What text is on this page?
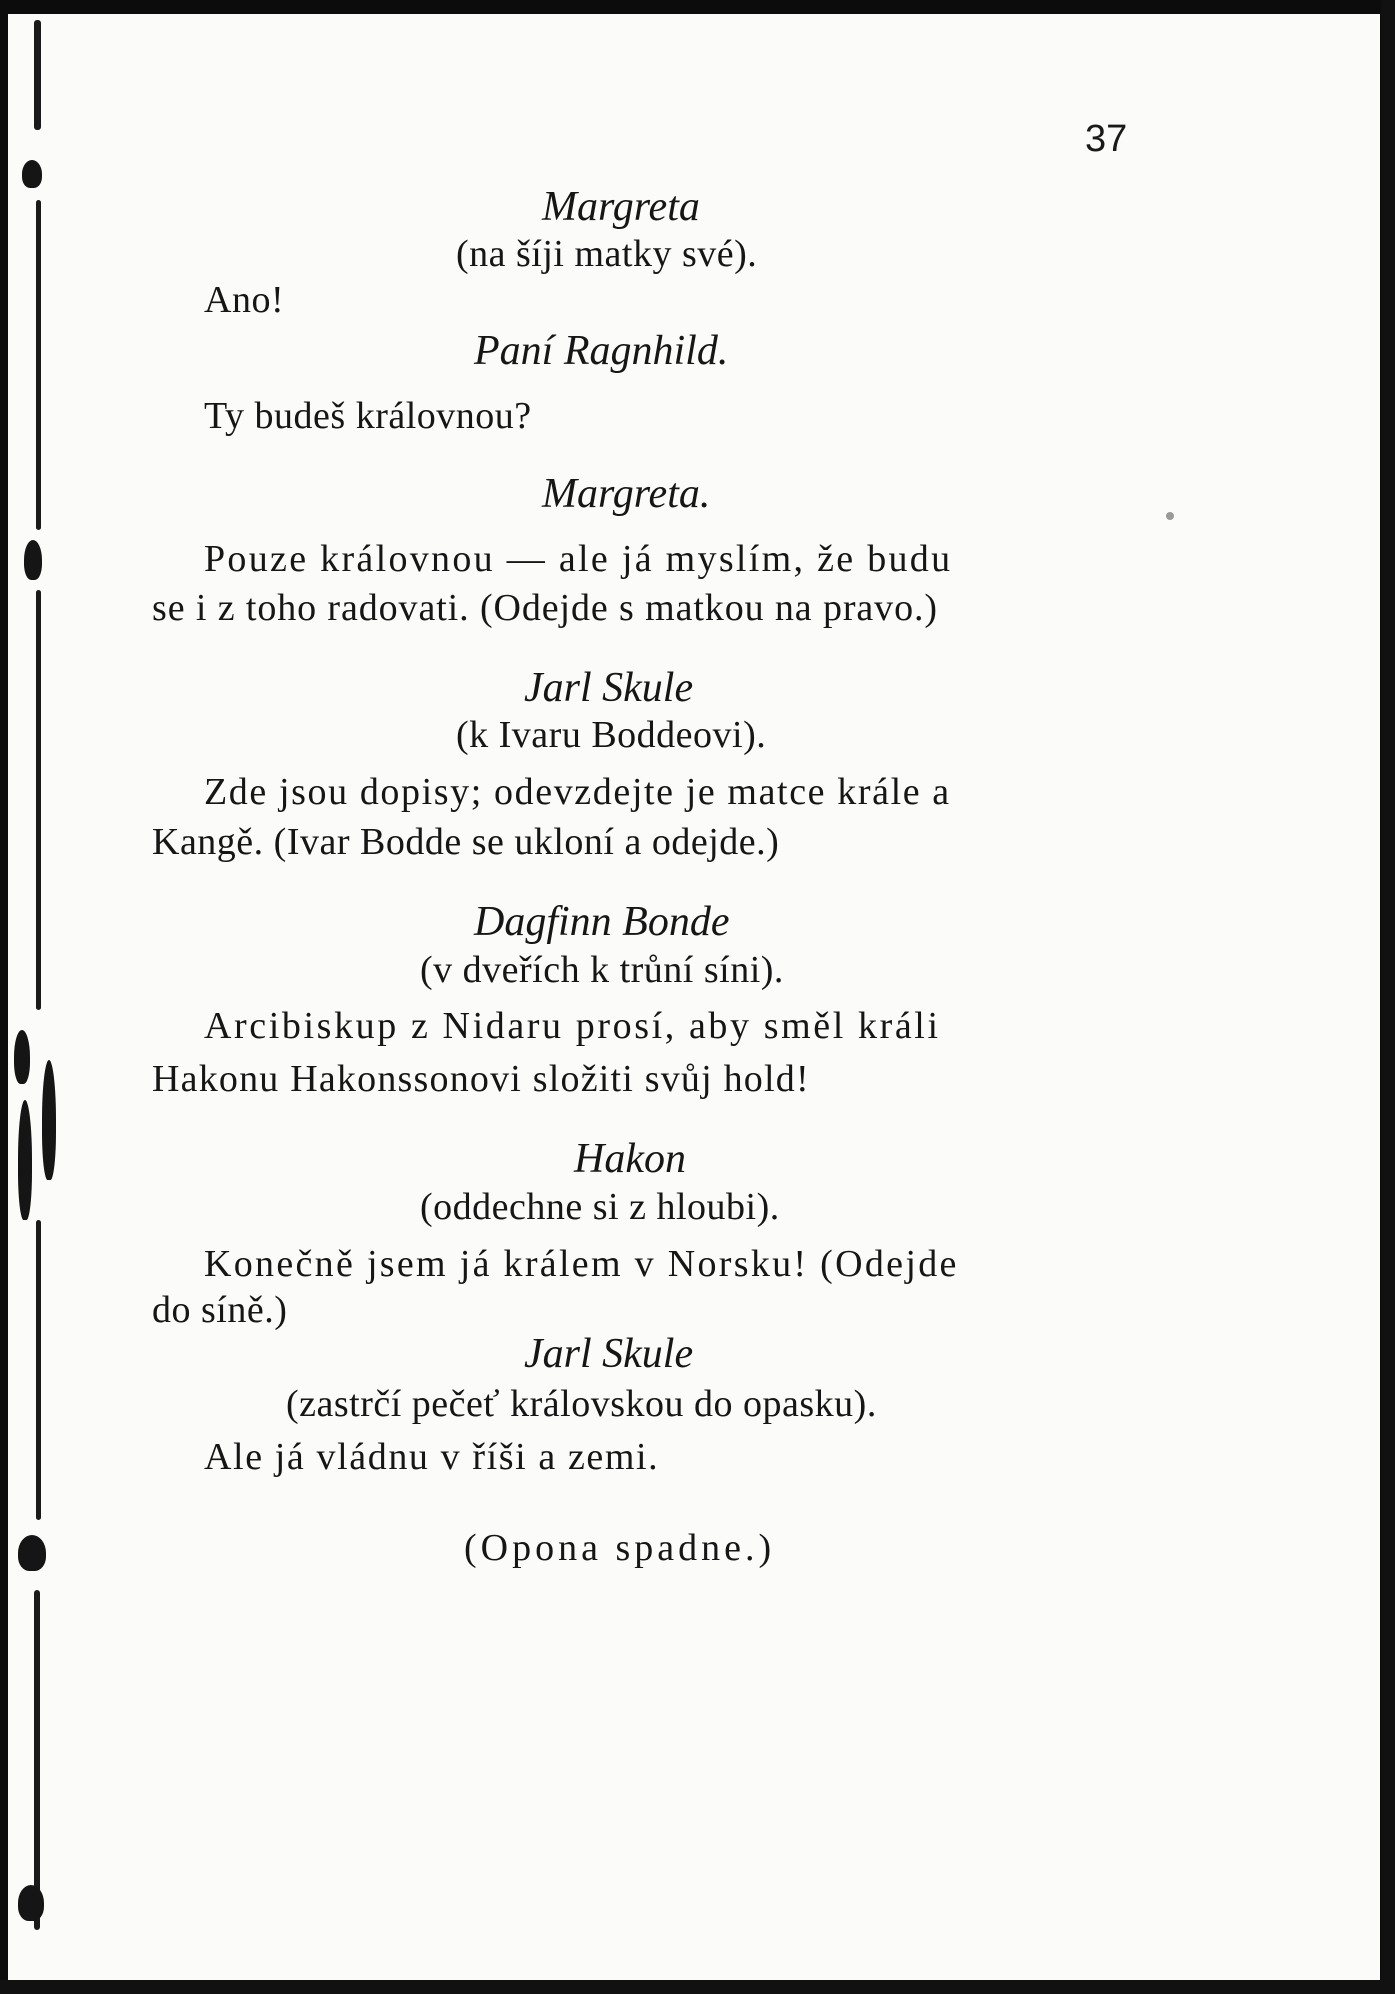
37

Margreta

(na šíji matky své).

Ano!

Paní Ragnhild.

Ty budeš královnou?

Margreta.

Pouze královnou — ale já myslím, že budu

se i z toho radovati. (Odejde s matkou na pravo.)

Jarl Skule

(k Ivaru Boddeovi).

Zde jsou dopisy; odevzdejte je matce krále a

Kangě. (Ivar Bodde se ukloní a odejde.)

Dagfinn Bonde

(v dveřích k trůní síni).

Arcibiskup z Nidaru prosí, aby směl králi

Hakonu Hakonssonovi složiti svůj hold!

Hakon

(oddechne si z hloubi).

Konečně jsem já králem v Norsku! (Odejde

do síně.)

Jarl Skule

(zastrčí pečeť královskou do opasku).

Ale já vládnu v říši a zemi.

(Opona spadne.)
